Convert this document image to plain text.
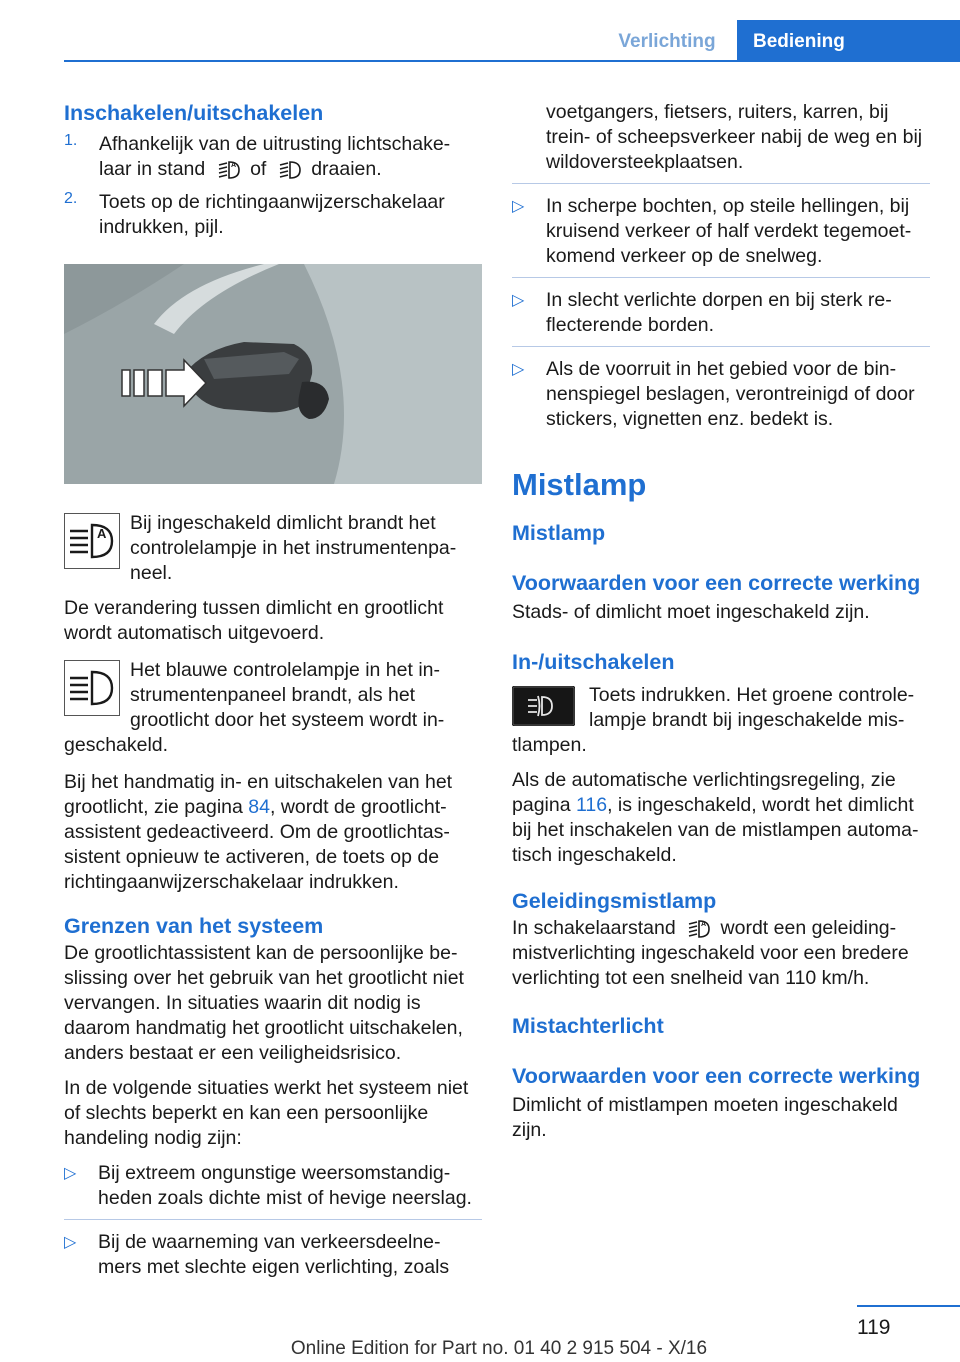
Verlichting	Bediening
Inschakelen/uitschakelen
1.	Afhankelijk van de uitrusting lichtschake-

laar in stand	A of draaien.

2.	Toets op de richtingaanwijzerschakelaar indrukken, pijl.

A	Bij ingeschakeld dimlicht brandt het controlelampje in het instrumentenpa-neel.

De verandering tussen dimlicht en grootlicht wordt automatisch uitgevoerd.

Het blauwe controlelampje in het in-strumentenpaneel brandt, als het grootlicht door het systeem wordt in-geschakeld.

Bij het handmatig in- en uitschakelen van het grootlicht, zie pagina 84, wordt de grootlicht-assistent gedeactiveerd. Om de grootlichtas-sistent opnieuw te activeren, de toets op de richtingaanwijzerschakelaar indrukken.

Grenzen van het systeem

De grootlichtassistent kan de persoonlijke be-slissing over het gebruik van het grootlicht niet vervangen. In situaties waarin dit nodig is daarom handmatig het grootlicht uitschakelen, anders bestaat er een veiligheidsrisico.

In de volgende situaties werkt het systeem niet of slechts beperkt en kan een persoonlijke handeling nodig zijn:

▷	Bij extreem ongunstige weersomstandig-heden zoals dichte mist of hevige neerslag.

▷	Bij de waarneming van verkeersdeelne-mers met slechte eigen verlichting, zoals

voetgangers, fietsers, ruiters, karren, bij trein- of scheepsverkeer nabij de weg en bij wildoversteekplaatsen.

▷	In scherpe bochten, op steile hellingen, bij kruisend verkeer of half verdekt tegemoet-komend verkeer op de snelweg.

▷	In slecht verlichte dorpen en bij sterk re-flecterende borden.

▷	Als de voorruit in het gebied voor de bin-nenspiegel beslagen, verontreinigd of door stickers, vignetten enz. bedekt is.

Mistlamp
Mistlamp
Voorwaarden voor een correcte werking

Stads- of dimlicht moet ingeschakeld zijn.

In-/uitschakelen

Toets indrukken. Het groene controle-lampje brandt bij ingeschakelde mis-tlampen.

Als de automatische verlichtingsregeling, zie pagina 116, is ingeschakeld, wordt het dimlicht bij het inschakelen van de mistlampen automa-tisch ingeschakeld.

Geleidingsmistlamp

In schakelaarstand	A wordt een geleiding-mistverlichting ingeschakeld voor een bredere verlichting tot een snelheid van 110 km/h.

Mistachterlicht
Voorwaarden voor een correcte werking

Dimlicht of mistlampen moeten ingeschakeld zijn.

119
Online Edition for Part no. 01 40 2 915 504 - X/16
